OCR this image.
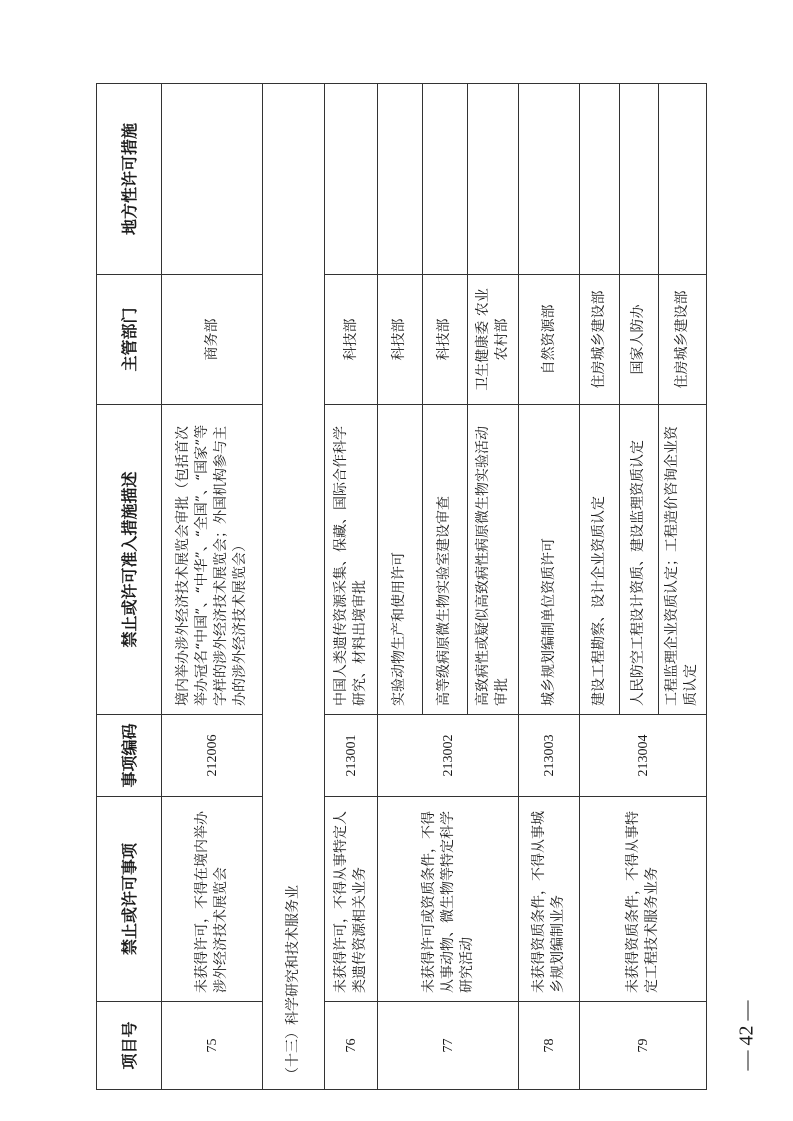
项目号	禁止或许可事项	事项编码	禁止或许可准入措施描述	主管部门	地方性许可措施
75	未获得许可，不得在境内举办涉外经济技术展览会	212006	境内举办涉外经济技术展览会审批（包括首次举办冠名“中国”、“中华”、“全国”、“国家”等字样的涉外经济技术展览会；外国机构参与主办的涉外经济技术展览会）	商务部	
（十三）科学研究和技术服务业					
76	未获得许可，不得从事特定人类遗传资源相关业务	213001	中国人类遗传资源采集、保藏、国际合作科学研究、材料出境审批	科技部	
77	未获得许可或资质条件，不得从事动物、微生物等特定科学研究活动	213002	实验动物生产和使用许可	科技部	
			高等级病原微生物实验室建设审查	科技部	
			高致病性或疑似高致病性病原微生物实验活动审批	卫生健康委 农业农村部	
78	未获得资质条件，不得从事城乡规划编制业务	213003	城乡规划编制单位资质许可	自然资源部	
79	未获得资质条件，不得从事特定工程技术服务业务	213004	建设工程勘察、设计企业资质认定	住房城乡建设部	
			人民防空工程设计资质、建设监理资质认定	国家人防办	
			工程监理企业资质认定；工程造价咨询企业资质认定	住房城乡建设部	
— 42 —
